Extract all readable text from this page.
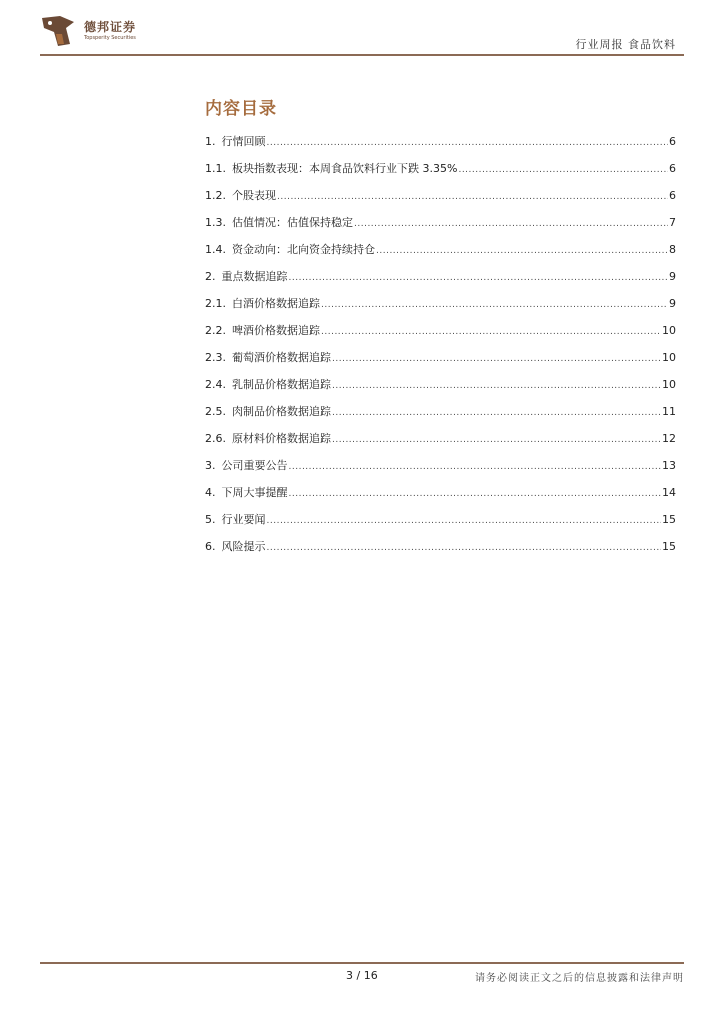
德邦证券
Topsperity Securities	行业周报 食品饮料
内容目录
1. 行情回顾 .....	6
1.1. 板块指数表现：本周食品饮料行业下跌 3.35% .....	6
1.2. 个股表现 .....	6
1.3. 估值情况：估值保持稳定 .....	7
1.4. 资金动向：北向资金持续持仓 .....	8
2. 重点数据追踪 .....	9
2.1. 白酒价格数据追踪 .....	9
2.2. 啤酒价格数据追踪 .....	10
2.3. 葡萄酒价格数据追踪 .....	10
2.4. 乳制品价格数据追踪 .....	10
2.5. 肉制品价格数据追踪 .....	11
2.6. 原材料价格数据追踪 .....	12
3. 公司重要公告 .....	13
4. 下周大事提醒 .....	14
5. 行业要闻 .....	15
6. 风险提示 .....	15
3 / 16	请务必阅读正文之后的信息披露和法律声明
